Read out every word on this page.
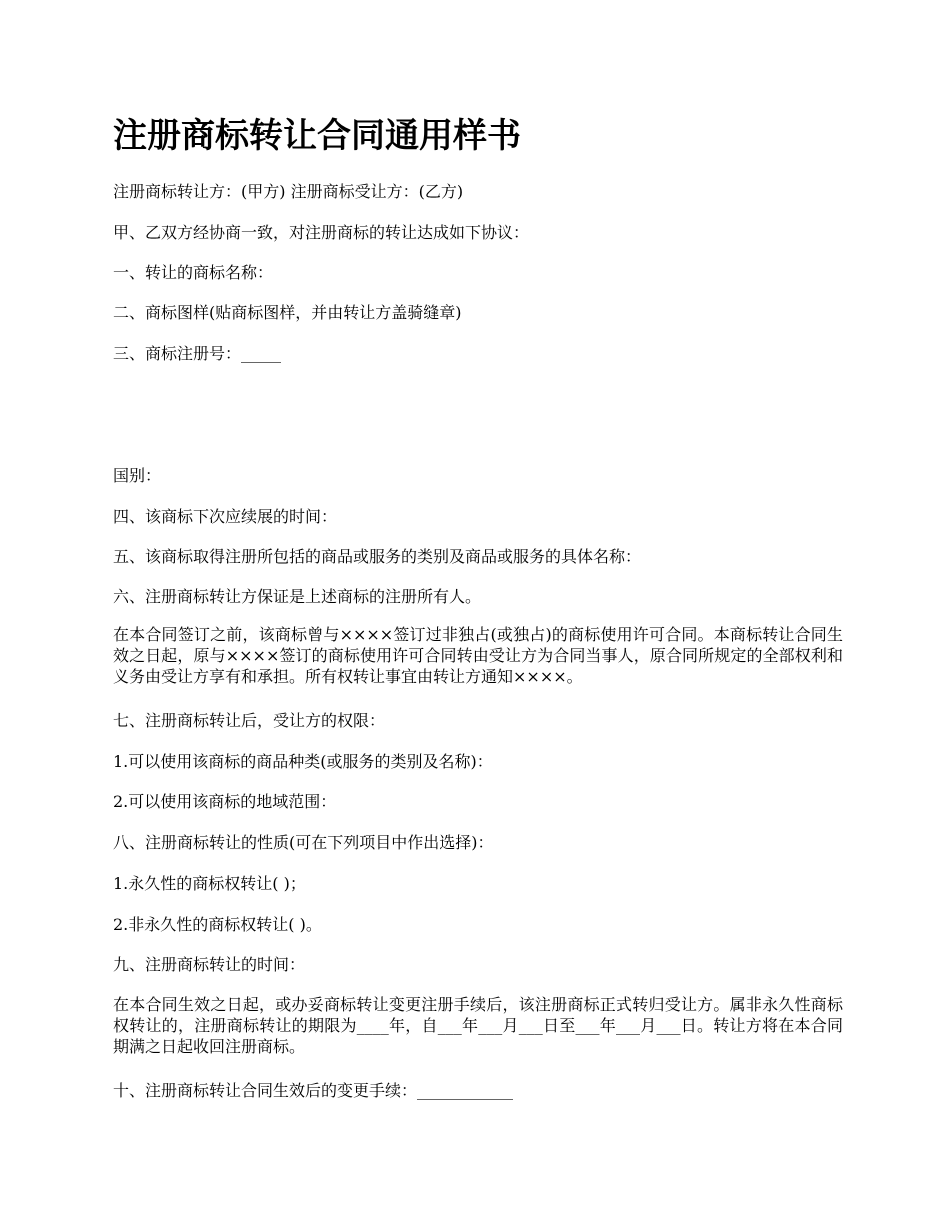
注册商标转让合同通用样书

注册商标转让方：(甲方) 注册商标受让方：(乙方)

甲、乙双方经协商一致，对注册商标的转让达成如下协议：

一、转让的商标名称：

二、商标图样(贴商标图样，并由转让方盖骑缝章)

三、商标注册号：_____

国别：

四、该商标下次应续展的时间：

五、该商标取得注册所包括的商品或服务的类别及商品或服务的具体名称：

六、注册商标转让方保证是上述商标的注册所有人。

在本合同签订之前，该商标曾与××××签订过非独占(或独占)的商标使用许可合同。本商标转让合同生效之日起，原与××××签订的商标使用许可合同转由受让方为合同当事人，原合同所规定的全部权利和义务由受让方享有和承担。所有权转让事宜由转让方通知××××。

七、注册商标转让后，受让方的权限：

1.可以使用该商标的商品种类(或服务的类别及名称)：

2.可以使用该商标的地域范围：

八、注册商标转让的性质(可在下列项目中作出选择)：

1.永久性的商标权转让( )；

2.非永久性的商标权转让( )。

九、注册商标转让的时间：

在本合同生效之日起，或办妥商标转让变更注册手续后，该注册商标正式转归受让方。属非永久性商标权转让的，注册商标转让的期限为____年，自___年___月___日至___年___月___日。转让方将在本合同期满之日起收回注册商标。

十、注册商标转让合同生效后的变更手续：____________
